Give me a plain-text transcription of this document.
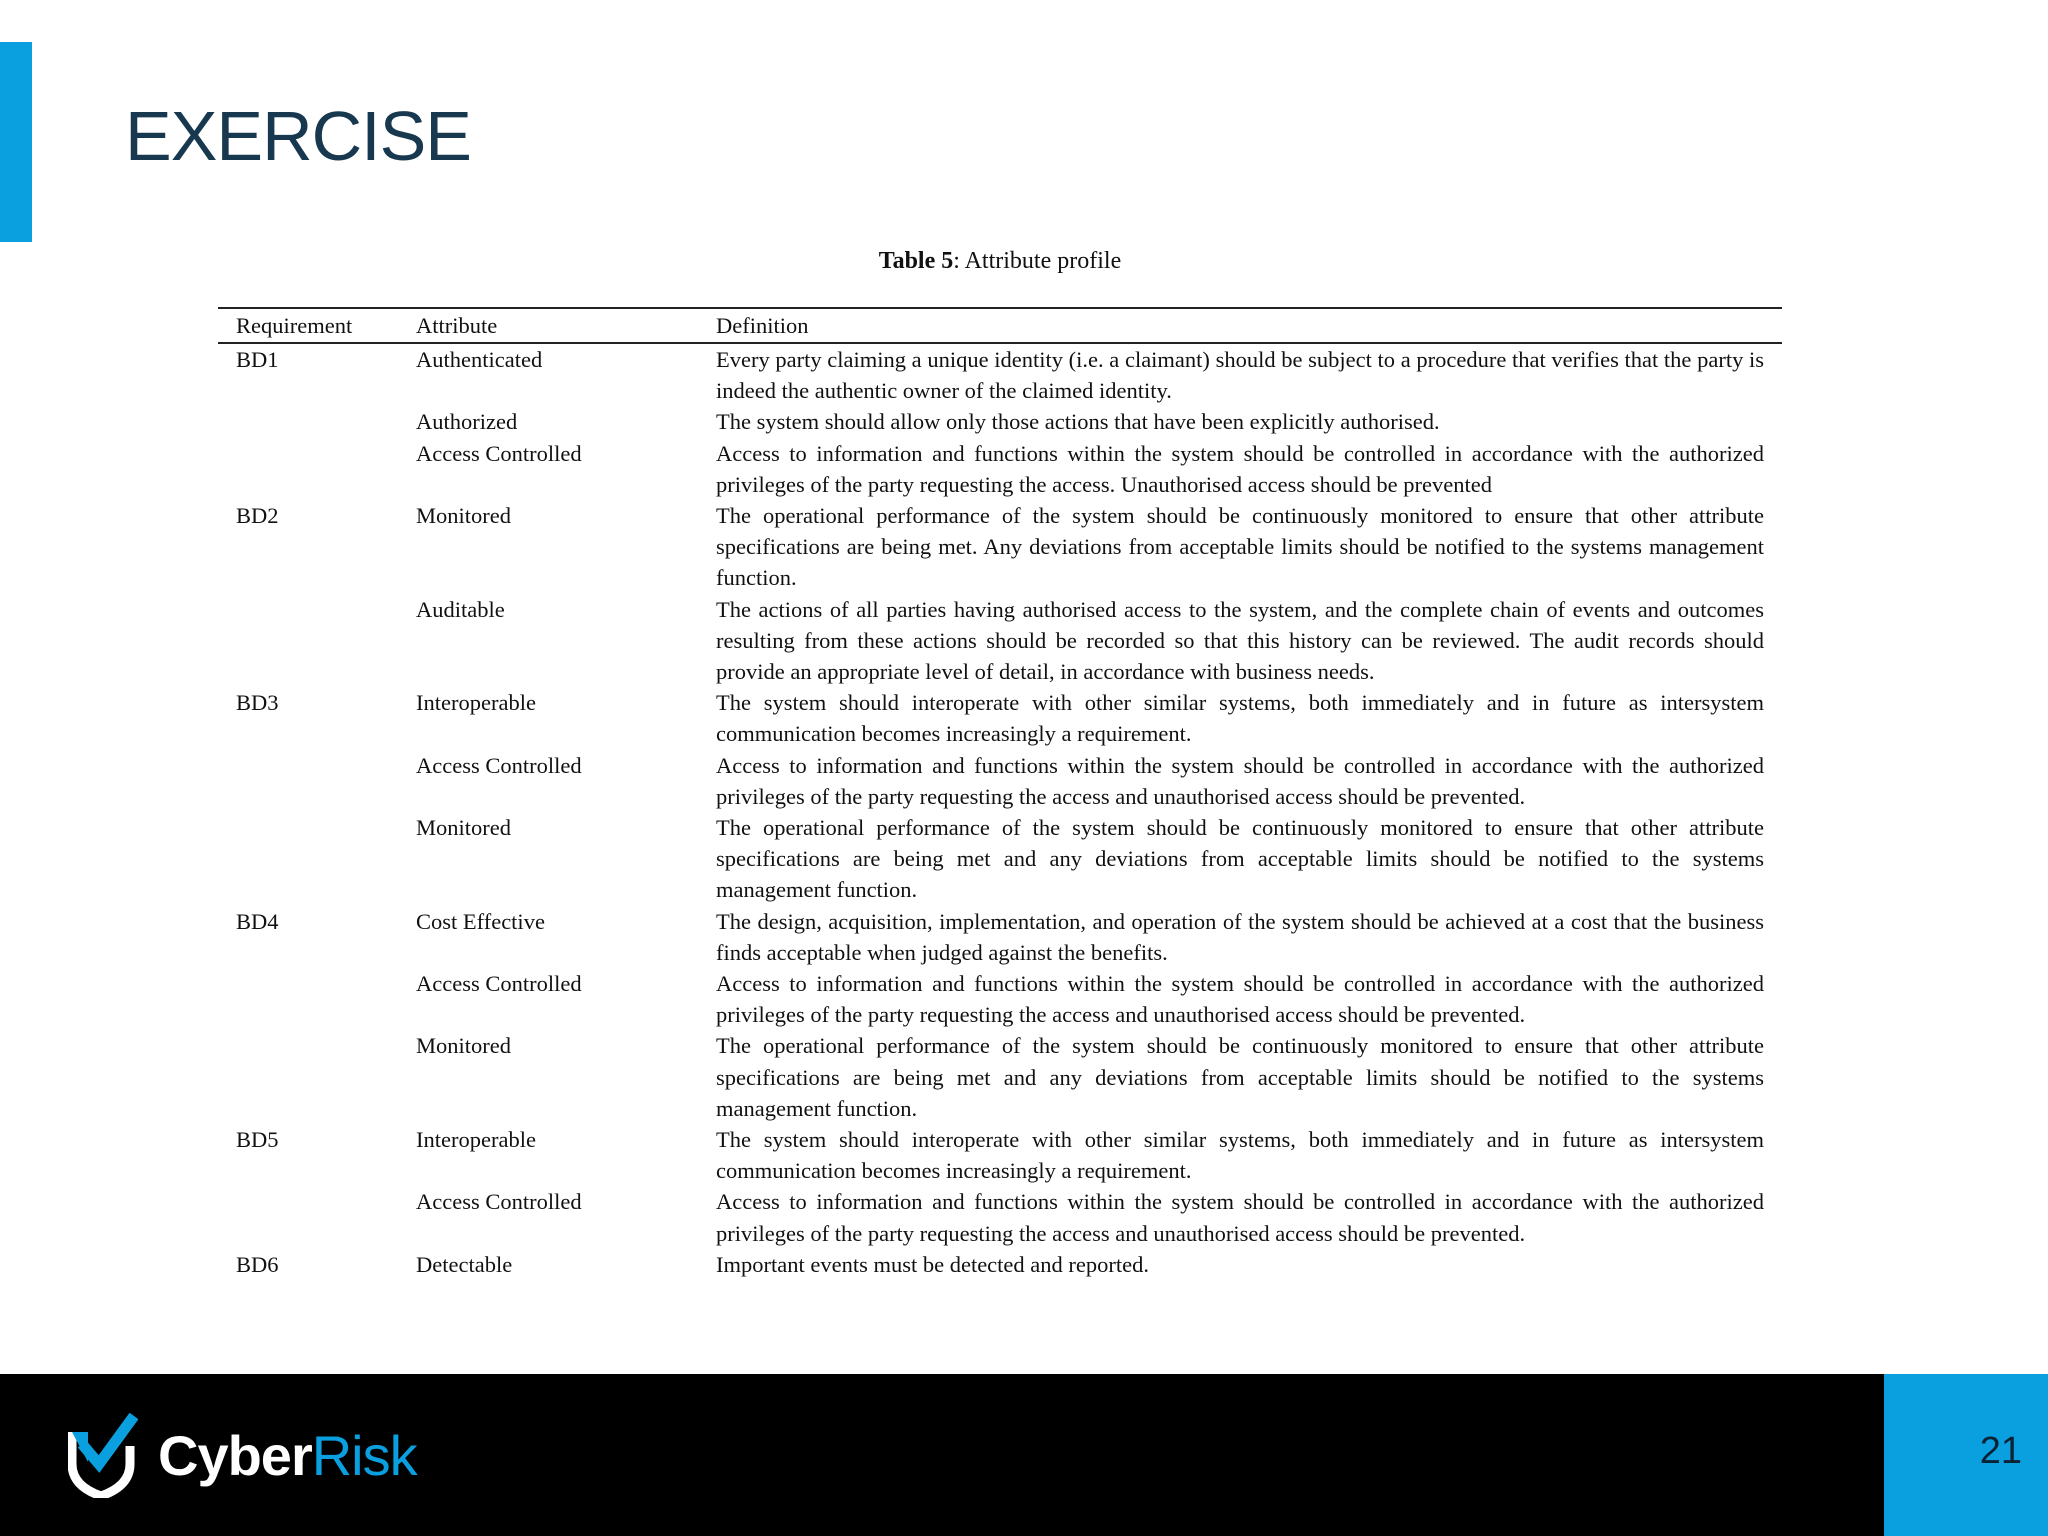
EXERCISE
Table 5: Attribute profile
Requirement	Attribute	Definition
BD1	Authenticated	Every party claiming a unique identity (i.e. a claimant) should be subject to a procedure that verifies that the party is indeed the authentic owner of the claimed identity.
	Authorized	The system should allow only those actions that have been explicitly authorised.
	Access Controlled	Access to information and functions within the system should be controlled in accordance with the authorized privileges of the party requesting the access. Unauthorised access should be prevented
BD2	Monitored	The operational performance of the system should be continuously monitored to ensure that other attribute specifications are being met. Any deviations from acceptable limits should be notified to the systems management function.
	Auditable	The actions of all parties having authorised access to the system, and the complete chain of events and outcomes resulting from these actions should be recorded so that this history can be reviewed. The audit records should provide an appropriate level of detail, in accordance with business needs.
BD3	Interoperable	The system should interoperate with other similar systems, both immediately and in future as intersystem communication becomes increasingly a requirement.
	Access Controlled	Access to information and functions within the system should be controlled in accordance with the authorized privileges of the party requesting the access and unauthorised access should be prevented.
	Monitored	The operational performance of the system should be continuously monitored to ensure that other attribute specifications are being met and any deviations from acceptable limits should be notified to the systems management function.
BD4	Cost Effective	The design, acquisition, implementation, and operation of the system should be achieved at a cost that the business finds acceptable when judged against the benefits.
	Access Controlled	Access to information and functions within the system should be controlled in accordance with the authorized privileges of the party requesting the access and unauthorised access should be prevented.
	Monitored	The operational performance of the system should be continuously monitored to ensure that other attribute specifications are being met and any deviations from acceptable limits should be notified to the systems management function.
BD5	Interoperable	The system should interoperate with other similar systems, both immediately and in future as intersystem communication becomes increasingly a requirement.
	Access Controlled	Access to information and functions within the system should be controlled in accordance with the authorized privileges of the party requesting the access and unauthorised access should be prevented.
BD6	Detectable	Important events must be detected and reported.
CyberRisk	21
